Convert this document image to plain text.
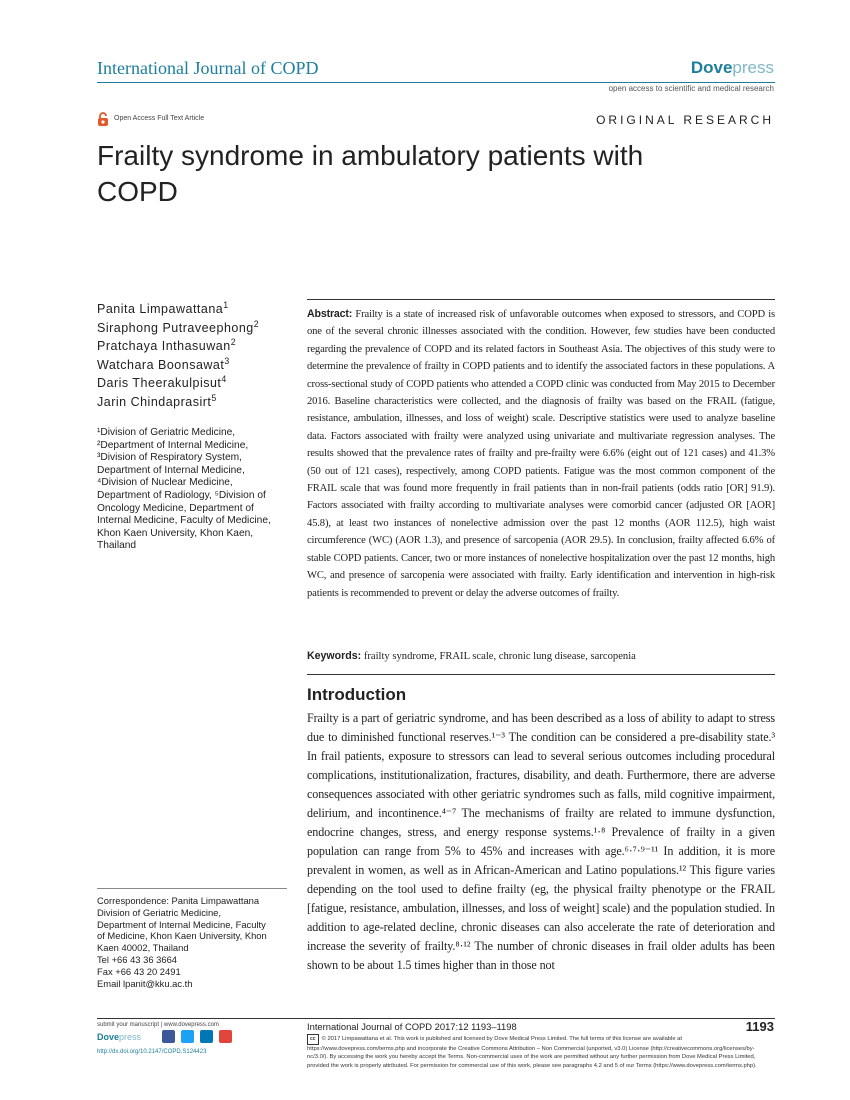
International Journal of COPD	Dovepress
open access to scientific and medical research
Open Access Full Text Article	ORIGINAL RESEARCH
Frailty syndrome in ambulatory patients with COPD
Panita Limpawattana$^1$
Siraphong Putraveephong$^2$
Pratchaya Inthasuwan$^2$
Watchara Boonsawat$^3$
Daris Theerakulpisut$^4$
Jarin Chindaprasirt$^5$
¹Division of Geriatric Medicine, ²Department of Internal Medicine, ³Division of Respiratory System, Department of Internal Medicine, ⁴Division of Nuclear Medicine, Department of Radiology, ⁵Division of Oncology Medicine, Department of Internal Medicine, Faculty of Medicine, Khon Kaen University, Khon Kaen, Thailand
Correspondence: Panita Limpawattana
Division of Geriatric Medicine,
Department of Internal Medicine, Faculty
of Medicine, Khon Kaen University, Khon
Kaen 40002, Thailand
Tel +66 43 36 3664
Fax +66 43 20 2491
Email lpanit@kku.ac.th
Abstract: Frailty is a state of increased risk of unfavorable outcomes when exposed to stressors, and COPD is one of the several chronic illnesses associated with the condition. However, few studies have been conducted regarding the prevalence of COPD and its related factors in Southeast Asia. The objectives of this study were to determine the prevalence of frailty in COPD patients and to identify the associated factors in these populations. A cross-sectional study of COPD patients who attended a COPD clinic was conducted from May 2015 to December 2016. Baseline characteristics were collected, and the diagnosis of frailty was based on the FRAIL (fatigue, resistance, ambulation, illnesses, and loss of weight) scale. Descriptive statistics were used to analyze baseline data. Factors associated with frailty were analyzed using univariate and multivariate regression analyses. The results showed that the prevalence rates of frailty and pre-frailty were 6.6% (eight out of 121 cases) and 41.3% (50 out of 121 cases), respectively, among COPD patients. Fatigue was the most common component of the FRAIL scale that was found more frequently in frail patients than in non-frail patients (odds ratio [OR] 91.9). Factors associated with frailty according to multivariate analyses were comorbid cancer (adjusted OR [AOR] 45.8), at least two instances of nonelective admission over the past 12 months (AOR 112.5), high waist circumference (WC) (AOR 1.3), and presence of sarcopenia (AOR 29.5). In conclusion, frailty affected 6.6% of stable COPD patients. Cancer, two or more instances of nonelective hospitalization over the past 12 months, high WC, and presence of sarcopenia were associated with frailty. Early identification and intervention in high-risk patients is recommended to prevent or delay the adverse outcomes of frailty.
Keywords: frailty syndrome, FRAIL scale, chronic lung disease, sarcopenia
Introduction
Frailty is a part of geriatric syndrome, and has been described as a loss of ability to adapt to stress due to diminished functional reserves.¹⁻³ The condition can be considered a pre-disability state.³ In frail patients, exposure to stressors can lead to several serious outcomes including procedural complications, institutionalization, fractures, disability, and death. Furthermore, there are adverse consequences associated with other geriatric syndromes such as falls, mild cognitive impairment, delirium, and incontinence.⁴⁻⁷ The mechanisms of frailty are related to immune dysfunction, endocrine changes, stress, and energy response systems.¹·⁸ Prevalence of frailty in a given population can range from 5% to 45% and increases with age.⁶·⁷·⁹⁻¹¹ In addition, it is more prevalent in women, as well as in African-American and Latino populations.¹² This figure varies depending on the tool used to define frailty (eg, the physical frailty phenotype or the FRAIL [fatigue, resistance, ambulation, illnesses, and loss of weight] scale) and the population studied. In addition to age-related decline, chronic diseases can also accelerate the rate of deterioration and increase the severity of frailty.⁸·¹² The number of chronic diseases in frail older adults has been shown to be about 1.5 times higher than in those not
submit your manuscript | www.dovepress.com
Dovepress
http://dx.doi.org/10.2147/COPD.S124423
International Journal of COPD 2017:12 1193–1198	1193
cc © 2017 Limpawattana et al. This work is published and licensed by Dove Medical Press Limited. The full terms of this license are available at https://www.dovepress.com/terms.php and incorporate the Creative Commons Attribution – Non Commercial (unported, v3.0) License (http://creativecommons.org/licenses/by-nc/3.0/). By accessing the work you hereby accept the Terms. Non-commercial uses of the work are permitted without any further permission from Dove Medical Press Limited, provided the work is properly attributed. For permission for commercial use of this work, please see paragraphs 4.2 and 5 of our Terms (https://www.dovepress.com/terms.php).
